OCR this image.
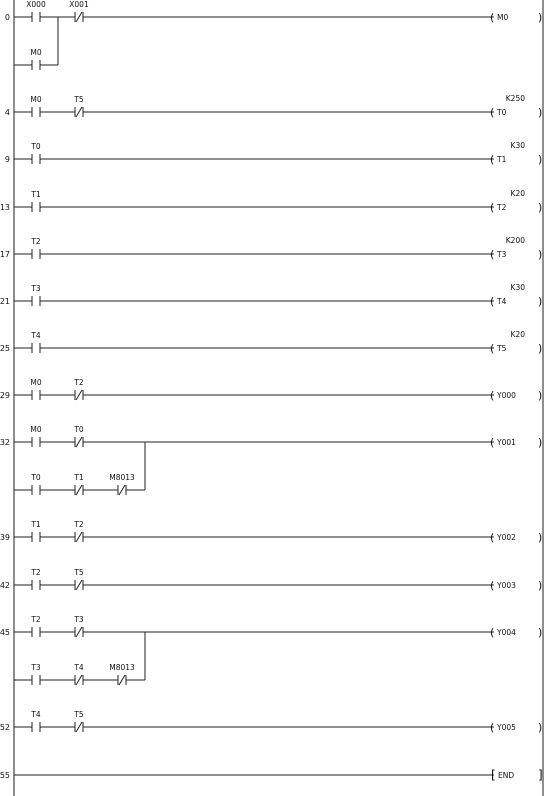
0
X000	X001
M0
( M0	)
4
M0	T5
( T0
K250
)
9
T0
( T1
K30
)
13
T1
( T2
K20
)
17
T2
( T3
K200
)
21
T3
( T4
K30
)
25
T4
( T5
K20
)
29
M0	T2
( Y000 )
32
M0	T0
T0	T1	M8013
( Y001 )
39
T1	T2
( Y002 )
42
T2	T5
( Y003 )
45
T2	T3
T3	T4	M8013
( Y004 )
52
T4	T5
( Y005 )
55	[ END ]
